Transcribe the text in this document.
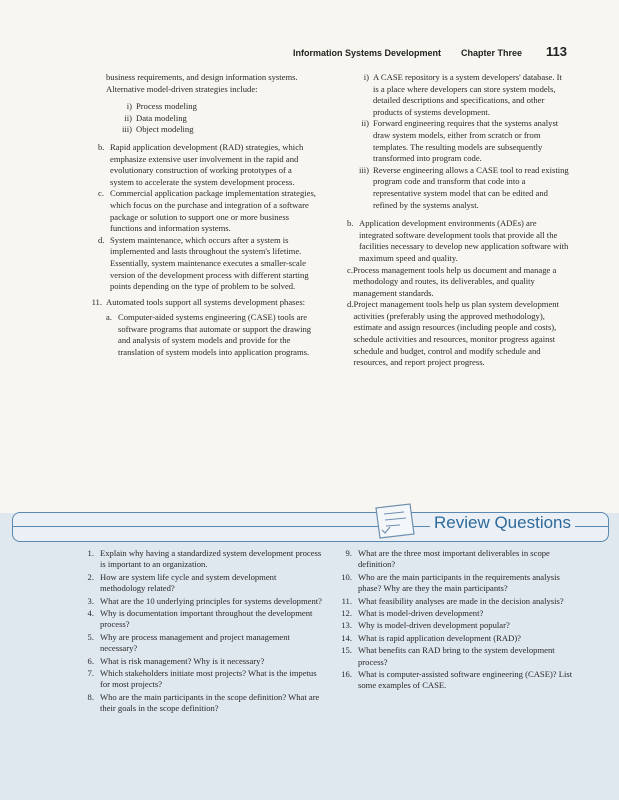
Information Systems Development Chapter Three 113

business requirements, and design information systems. Alternative model-driven strategies include:

i) Process modeling
ii) Data modeling
iii) Object modeling
b. Rapid application development (RAD) strategies, which emphasize extensive user involvement in the rapid and evolutionary construction of working prototypes of a system to accelerate the system development process.
c. Commercial application package implementation strategies, which focus on the purchase and integration of a software package or solution to support one or more business functions and information systems.
d. System maintenance, which occurs after a system is implemented and lasts throughout the system's lifetime. Essentially, system maintenance executes a smaller-scale version of the development process with different starting points depending on the type of problem to be solved.
11. Automated tools support all systems development phases:
a. Computer-aided systems engineering (CASE) tools are software programs that automate or support the drawing and analysis of system models and provide for the translation of system models into application programs.
i) A CASE repository is a system developers' database. It is a place where developers can store system models, detailed descriptions and specifications, and other products of systems development.
ii) Forward engineering requires that the systems analyst draw system models, either from scratch or from templates. The resulting models are subsequently transformed into program code.
iii) Reverse engineering allows a CASE tool to read existing program code and transform that code into a representative system model that can be edited and refined by the systems analyst.
b. Application development environments (ADEs) are integrated software development tools that provide all the facilities necessary to develop new application software with maximum speed and quality.
c. Process management tools help us document and manage a methodology and routes, its deliverables, and quality management standards.
d. Project management tools help us plan system development activities (preferably using the approved methodology), estimate and assign resources (including people and costs), schedule activities and resources, monitor progress against schedule and budget, control and modify schedule and resources, and report project progress.
Review Questions
1. Explain why having a standardized system development process is important to an organization.
2. How are system life cycle and system development methodology related?
3. What are the 10 underlying principles for systems development?
4. Why is documentation important throughout the development process?
5. Why are process management and project management necessary?
6. What is risk management? Why is it necessary?
7. Which stakeholders initiate most projects? What is the impetus for most projects?
8. Who are the main participants in the scope definition? What are their goals in the scope definition?
9. What are the three most important deliverables in scope definition?
10. Who are the main participants in the requirements analysis phase? Why are they the main participants?
11. What feasibility analyses are made in the decision analysis?
12. What is model-driven development?
13. Why is model-driven development popular?
14. What is rapid application development (RAD)?
15. What benefits can RAD bring to the system development process?
16. What is computer-assisted software engineering (CASE)? List some examples of CASE.
